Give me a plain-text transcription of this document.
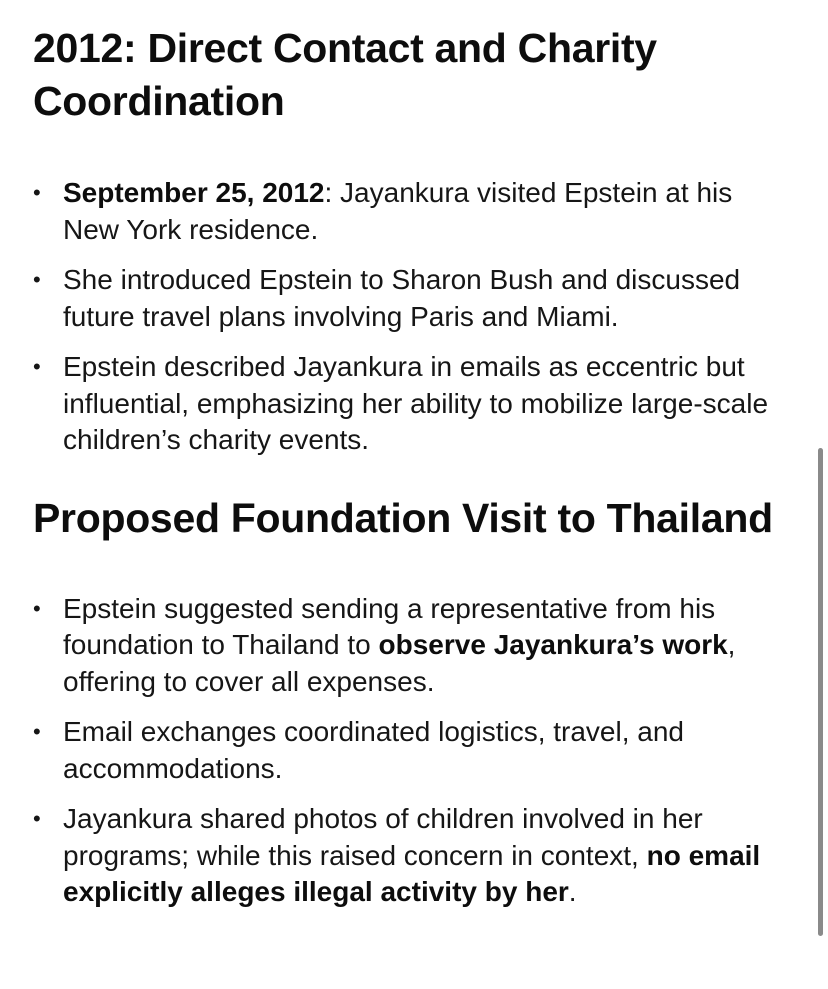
2012: Direct Contact and Charity Coordination
• September 25, 2012: Jayankura visited Epstein at his New York residence.
• She introduced Epstein to Sharon Bush and discussed future travel plans involving Paris and Miami.
• Epstein described Jayankura in emails as eccentric but influential, emphasizing her ability to mobilize large-scale children’s charity events.
Proposed Foundation Visit to Thailand
• Epstein suggested sending a representative from his foundation to Thailand to observe Jayankura’s work, offering to cover all expenses.
• Email exchanges coordinated logistics, travel, and accommodations.
• Jayankura shared photos of children involved in her programs; while this raised concern in context, no email explicitly alleges illegal activity by her.
